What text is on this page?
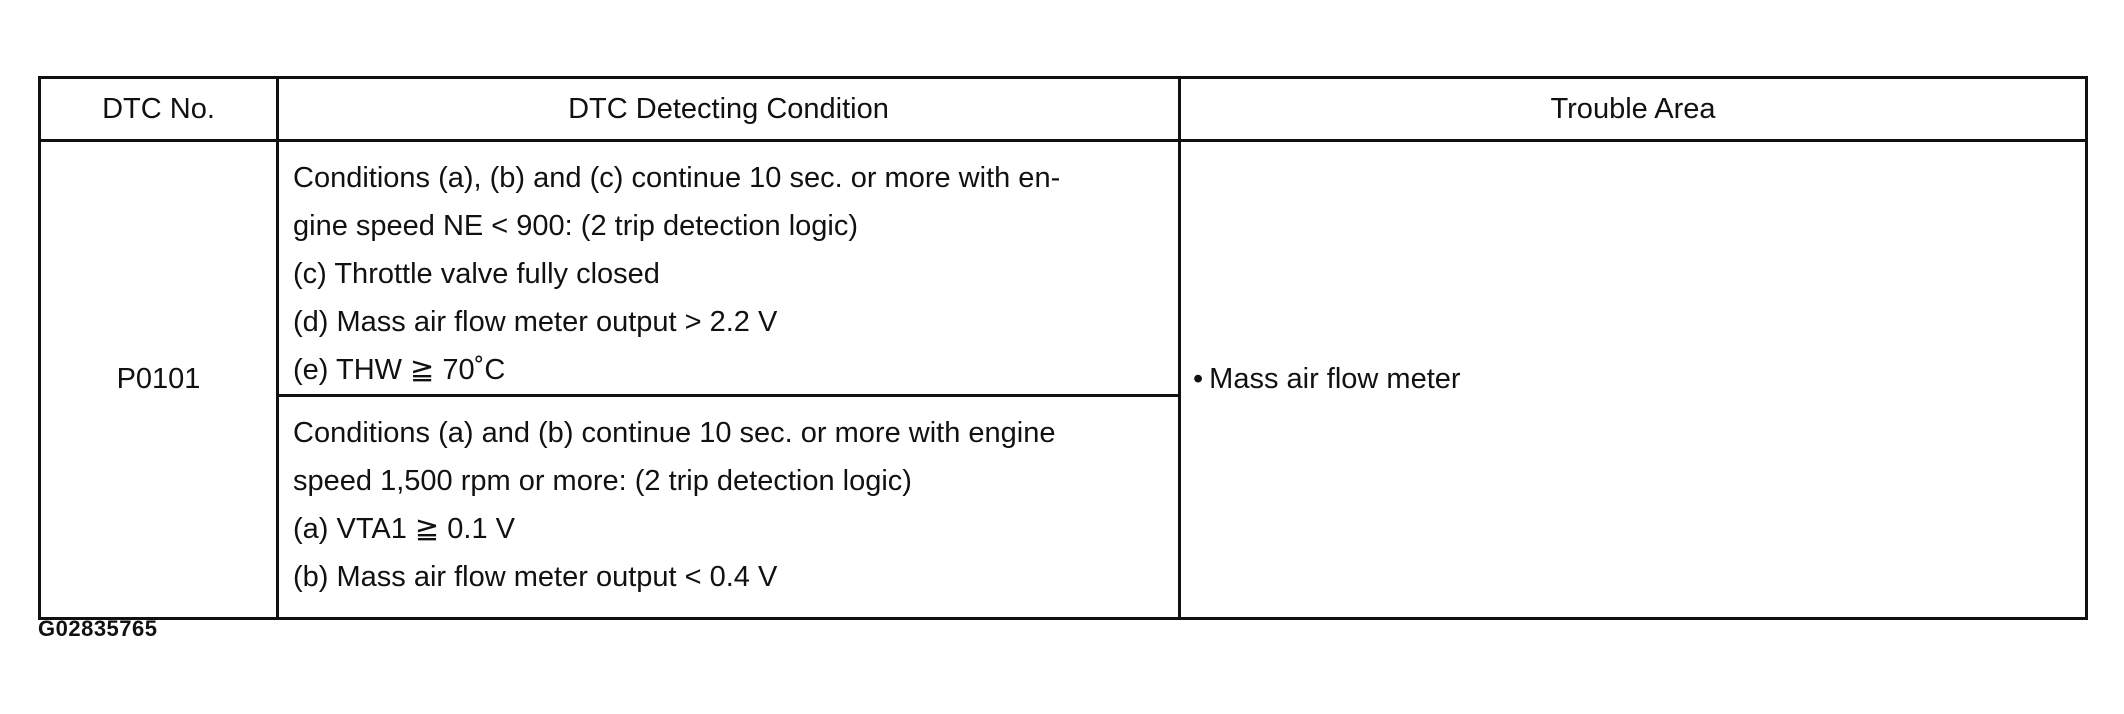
DTC No.	DTC Detecting Condition	Trouble Area
P0101	Conditions (a), (b) and (c) continue 10 sec. or more with en-
gine speed NE < 900: (2 trip detection logic)
(c) Throttle valve fully closed
(d) Mass air flow meter output > 2.2 V
(e) THW ≧ 70˚C	• Mass air flow meter

	Conditions (a) and (b) continue 10 sec. or more with engine
speed 1,500 rpm or more: (2 trip detection logic)
(a) VTA1 ≧ 0.1 V
(b) Mass air flow meter output < 0.4 V	
G02835765
